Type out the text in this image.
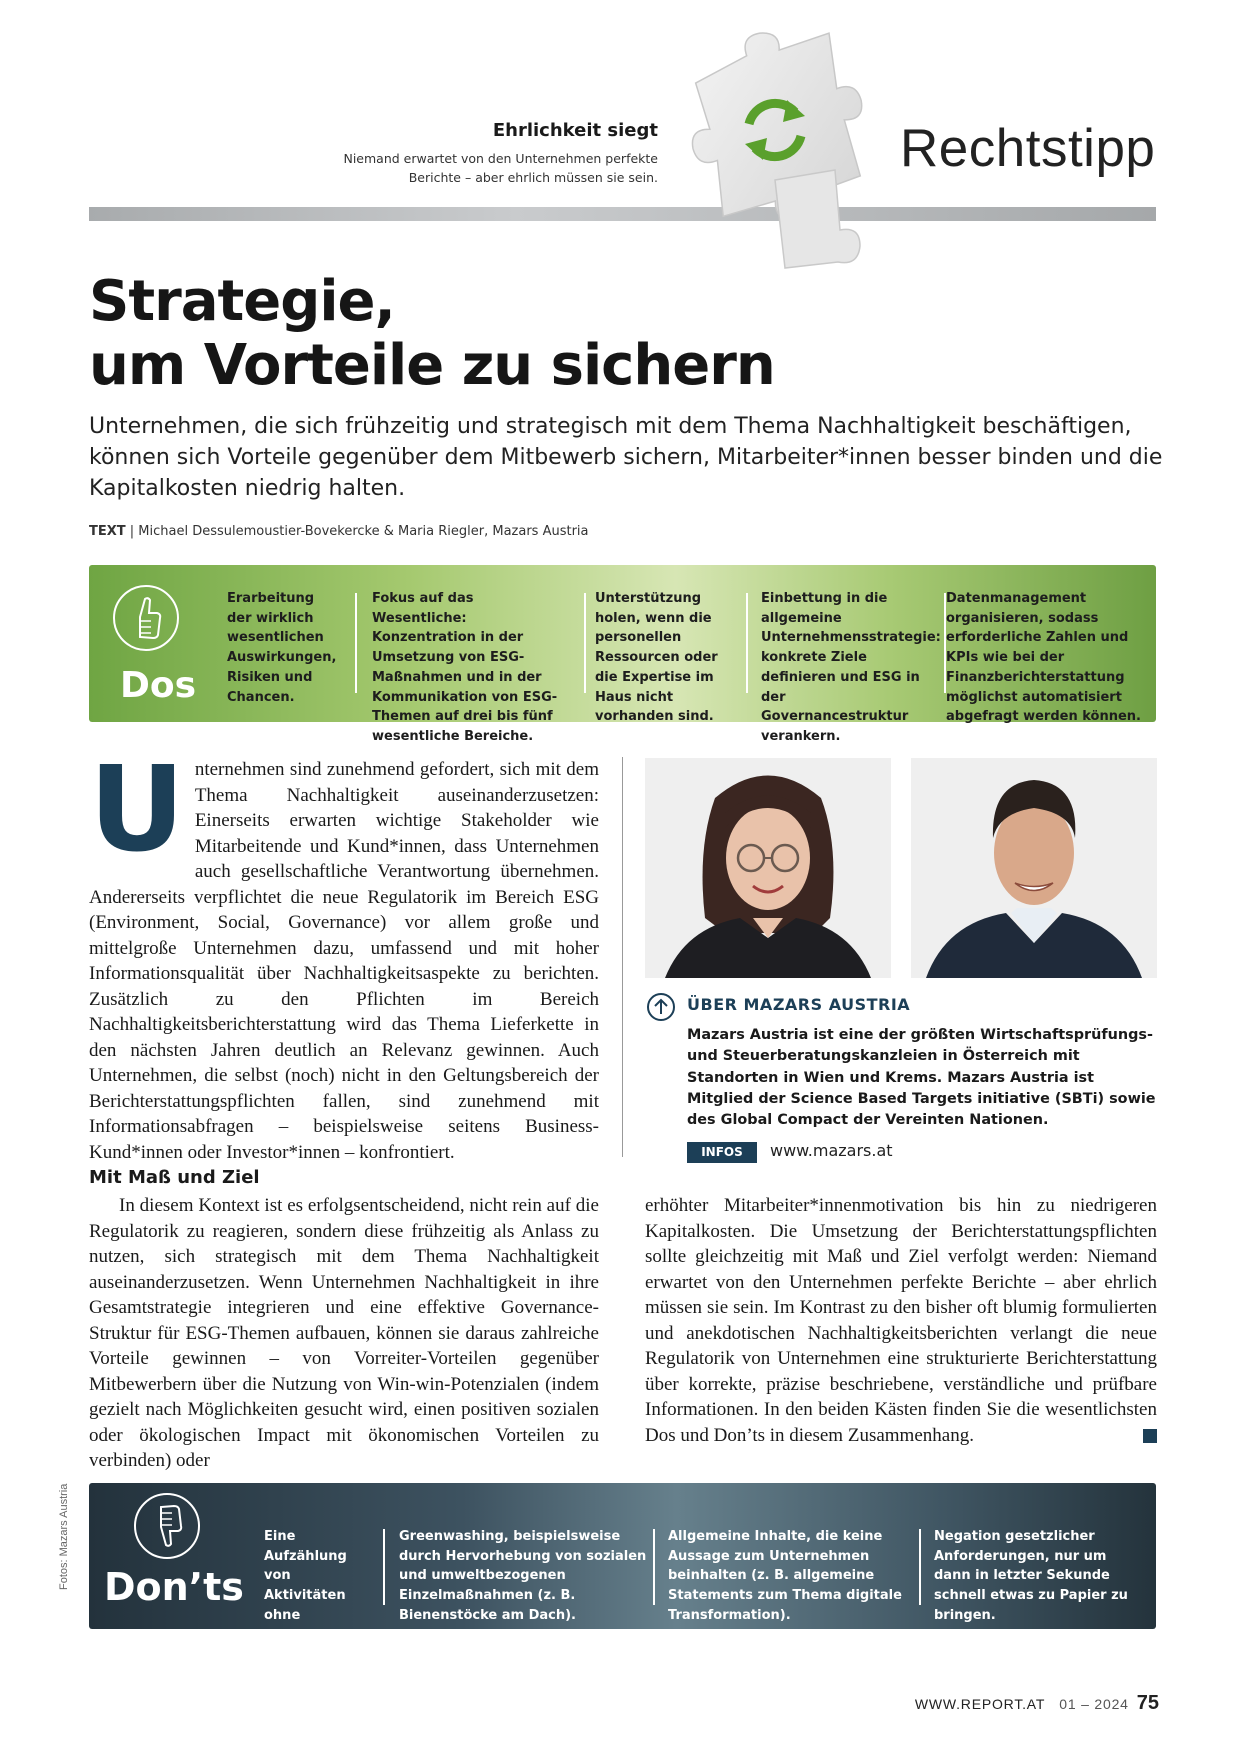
Ehrlichkeit siegt
Niemand erwartet von den Unternehmen perfekte
Berichte – aber ehrlich müssen sie sein.	Rechtstipp
Strategie,
um Vorteile zu sichern
Unternehmen, die sich frühzeitig und strategisch mit dem Thema Nachhaltigkeit beschäftigen, können sich Vorteile gegenüber dem Mitbewerb sichern, Mitarbeiter*innen besser binden und die Kapitalkosten niedrig halten.
TEXT | Michael Dessulemoustier-Bovekercke & Maria Riegler, Mazars Austria
Dos
Erarbeitung der wirklich wesentlichen Auswirkungen, Risiken und Chancen.
Fokus auf das Wesentliche: Konzentration in der Umsetzung von ESG-Maßnahmen und in der Kommunikation von ESG-Themen auf drei bis fünf wesentliche Bereiche.
Unterstützung holen, wenn die personellen Ressourcen oder die Expertise im Haus nicht vorhanden sind.
Einbettung in die allgemeine Unternehmensstrategie: konkrete Ziele definieren und ESG in der Governancestruktur verankern.
Datenmanagement organisieren, sodass erforderliche Zahlen und KPIs wie bei der Finanzberichterstattung möglichst automatisiert abgefragt werden können.
Unternehmen sind zunehmend gefordert, sich mit dem Thema Nachhaltigkeit auseinanderzusetzen: Einerseits erwarten wichtige Stakeholder wie Mitarbeitende und Kund*innen, dass Unternehmen auch gesellschaftliche Verantwortung übernehmen. Andererseits verpflichtet die neue Regulatorik im Bereich ESG (Environment, Social, Governance) vor allem große und mittelgroße Unternehmen dazu, umfassend und mit hoher Informationsqualität über Nachhaltigkeitsaspekte zu berichten. Zusätzlich zu den Pflichten im Bereich Nachhaltigkeitsberichterstattung wird das Thema Lieferkette in den nächsten Jahren deutlich an Relevanz gewinnen. Auch Unternehmen, die selbst (noch) nicht in den Geltungsbereich der Berichterstattungspflichten fallen, sind zunehmend mit Informationsabfragen – beispielsweise seitens Business-Kund*innen oder Investor*innen – konfrontiert.
Mit Maß und Ziel
In diesem Kontext ist es erfolgsentscheidend, nicht rein auf die Regulatorik zu reagieren, sondern diese frühzeitig als Anlass zu nutzen, sich strategisch mit dem Thema Nachhaltigkeit auseinanderzusetzen. Wenn Unternehmen Nachhaltigkeit in ihre Gesamtstrategie integrieren und eine effektive Governance-Struktur für ESG-Themen aufbauen, können sie daraus zahlreiche Vorteile gewinnen – von Vorreiter-Vorteilen gegenüber Mitbewerbern über die Nutzung von Win-win-Potenzialen (indem gezielt nach Möglichkeiten gesucht wird, einen positiven sozialen oder ökologischen Impact mit ökonomischen Vorteilen zu verbinden) oder
ÜBER MAZARS AUSTRIA
Mazars Austria ist eine der größten Wirtschaftsprüfungs- und Steuerberatungskanzleien in Österreich mit Standorten in Wien und Krems. Mazars Austria ist Mitglied der Science Based Targets initiative (SBTi) sowie des Global Compact der Vereinten Nationen.
INFOS	www.mazars.at
erhöhter Mitarbeiter*innenmotivation bis hin zu niedrigeren Kapitalkosten. Die Umsetzung der Berichterstattungspflichten sollte gleichzeitig mit Maß und Ziel verfolgt werden: Niemand erwartet von den Unternehmen perfekte Berichte – aber ehrlich müssen sie sein. Im Kontrast zu den bisher oft blumig formulierten und anekdotischen Nachhaltigkeitsberichten verlangt die neue Regulatorik von Unternehmen eine strukturierte Berichterstattung über korrekte, präzise beschriebene, verständliche und prüfbare Informationen. In den beiden Kästen finden Sie die wesentlichsten Dos und Don’ts in diesem Zusammenhang.
Don’ts
Eine Aufzählung von Aktivitäten ohne vernünftiges Konzept.
Greenwashing, beispielsweise durch Hervorhebung von sozialen und umweltbezogenen Einzelmaßnahmen (z. B. Bienenstöcke am Dach).
Allgemeine Inhalte, die keine Aussage zum Unternehmen beinhalten (z. B. allgemeine Statements zum Thema digitale Transformation).
Negation gesetzlicher Anforderungen, nur um dann in letzter Sekunde schnell etwas zu Papier zu bringen.
Fotos: Mazars Austria
WWW.REPORT.AT 01 – 2024 75
